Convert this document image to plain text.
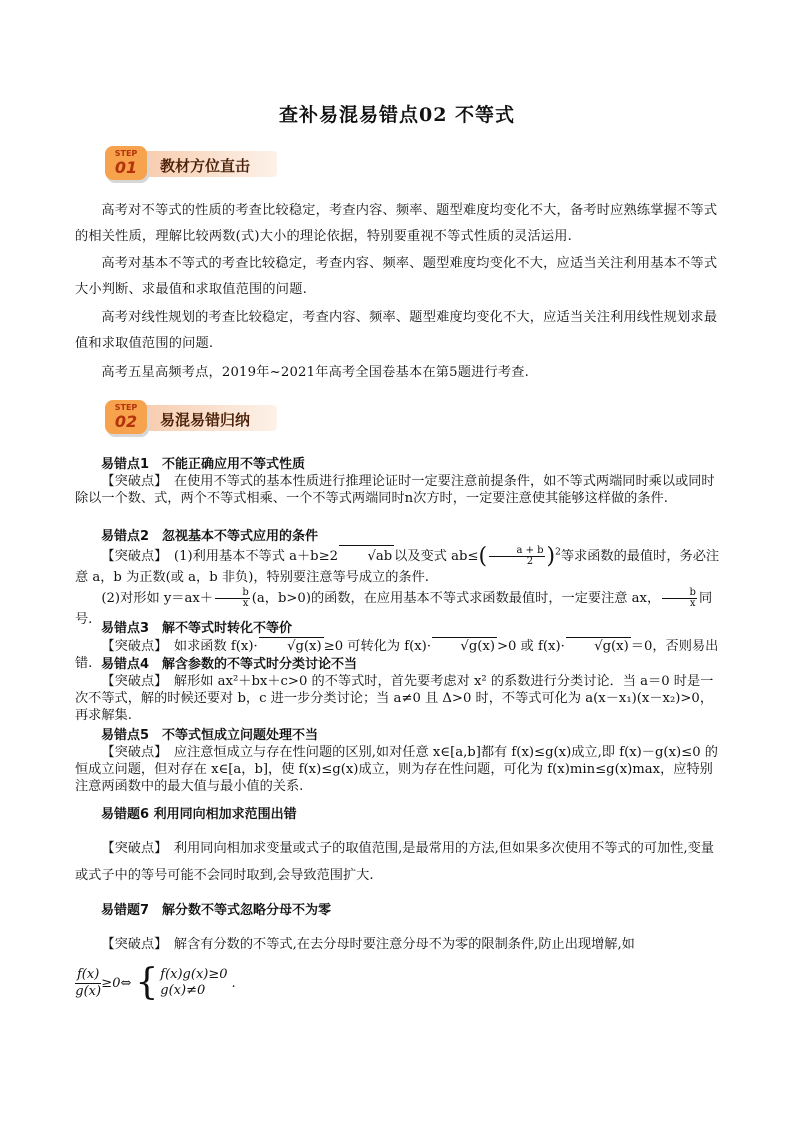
查补易混易错点02 不等式
STEP
01	教材方位直击
高考对不等式的性质的考查比较稳定，考查内容、频率、题型难度均变化不大，备考时应熟练掌握不等式的相关性质，理解比较两数(式)大小的理论依据，特别要重视不等式性质的灵活运用.
高考对基本不等式的考查比较稳定，考查内容、频率、题型难度均变化不大，应适当关注利用基本不等式大小判断、求最值和求取值范围的问题.
高考对线性规划的考查比较稳定，考查内容、频率、题型难度均变化不大，应适当关注利用线性规划求最值和求取值范围的问题.
高考五星高频考点，2019年~2021年高考全国卷基本在第5题进行考查.
STEP
02	易混易错归纳
易错点1　不能正确应用不等式性质
【突破点】　 在使用不等式的基本性质进行推理论证时一定要注意前提条件，如不等式两端同时乘以或同时除以一个数、式，两个不等式相乘、一个不等式两端同时n次方时，一定要注意使其能够这样做的条件.
易错点2　忽视基本不等式应用的条件
【突破点】　 (1)利用基本不等式 a＋b≥2	√ ab 以及变式 $ab\le( \frac{a + b}{2} )^2$等求函数的最值时，务必注意 a，b 为正数(或 a，b 非负)，特别要注意等号成立的条件.
(2)对形如 $y=ax+ \frac{b}{x} (a$，b>0)的函数，在应用基本不等式求函数最值时，一定要注意 ax， $\frac{b}{x}$ 同号.
易错点3　解不等式时转化不等价
【突破点】　 如求函数 f(x)·	√ g(x) ≥0 可转化为 f(x)·	√ g(x) >0 或 f(x)·	√ g(x) ＝0，否则易出错. 易错点4　解含参数的不等式时分类讨论不当
【突破点】　 解形如 ax²＋bx＋c>0 的不等式时，首先要考虑对 x² 的系数进行分类讨论．当 a＝0 时是一次不等式，解的时候还要对 b，c 进一步分类讨论；当 a≠0 且 Δ>0 时，不等式可化为 a(x－x₁)(x－x₂)>0，再求解集.
易错点5　不等式恒成立问题处理不当
【突破点】　 应注意恒成立与存在性问题的区别,如对任意 x∈[a,b]都有 f(x)≤g(x)成立,即 f(x)－g(x)≤0 的恒成立问题，但对存在 x∈[a，b]，使 f(x)≤g(x)成立，则为存在性问题，可化为 f(x)min≤g(x)max，应特别注意两函数中的最大值与最小值的关系.
易错题6 利用同向相加求范围出错
【突破点】　 利用同向相加求变量或式子的取值范围,是最常用的方法,但如果多次使用不等式的可加性,变量或式子中的等号可能不会同时取到,会导致范围扩大.
易错题7　解分数不等式忽略分母不为零
【突破点】　 解含有分数的不等式,在去分母时要注意分母不为零的限制条件,防止出现增解,如
$\frac{f(x)}{g(x)}$ ≥0⇔ { f(x)g(x)≥0
g(x)≠0	.
